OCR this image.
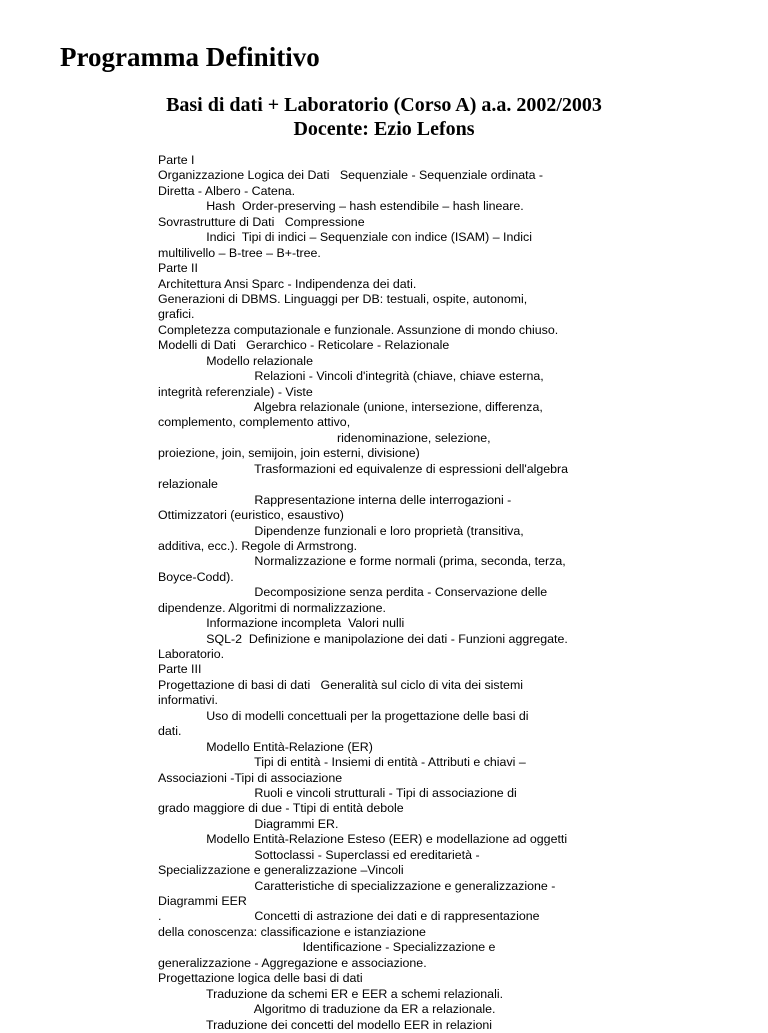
Programma Definitivo
Basi di dati + Laboratorio (Corso A) a.a. 2002/2003
Docente: Ezio Lefons
Parte I
Organizzazione Logica dei Dati   Sequenziale - Sequenziale ordinata -
Diretta - Albero - Catena.
Hash  Order-preserving – hash estendibile – hash lineare.
Sovrastrutture di Dati   Compressione
Indici  Tipi di indici – Sequenziale con indice (ISAM) – Indici
multilivello – B-tree – B+-tree.
Parte II
Architettura Ansi Sparc - Indipendenza dei dati.
Generazioni di DBMS. Linguaggi per DB: testuali, ospite, autonomi,
grafici.
Completezza computazionale e funzionale. Assunzione di mondo chiuso.
Modelli di Dati   Gerarchico - Reticolare - Relazionale
Modello relazionale
Relazioni - Vincoli d'integrità (chiave, chiave esterna,
integrità referenziale) - Viste
Algebra relazionale (unione, intersezione, differenza,
complemento, complemento attivo,
ridenominazione, selezione,
proiezione, join, semijoin, join esterni, divisione)
Trasformazioni ed equivalenze di espressioni dell'algebra
relazionale
Rappresentazione interna delle interrogazioni -
Ottimizzatori (euristico, esaustivo)
Dipendenze funzionali e loro proprietà (transitiva,
additiva, ecc.). Regole di Armstrong.
Normalizzazione e forme normali (prima, seconda, terza,
Boyce-Codd).
Decomposizione senza perdita - Conservazione delle
dipendenze. Algoritmi di normalizzazione.
Informazione incompleta  Valori nulli
SQL-2  Definizione e manipolazione dei dati - Funzioni aggregate.
Laboratorio.
Parte III
Progettazione di basi di dati   Generalità sul ciclo di vita dei sistemi
informativi.
Uso di modelli concettuali per la progettazione delle basi di
dati.
Modello Entità-Relazione (ER)
Tipi di entità - Insiemi di entità - Attributi e chiavi –
Associazioni -Tipi di associazione
Ruoli e vincoli strutturali - Tipi di associazione di
grado maggiore di due - Ttipi di entità debole
Diagrammi ER.
Modello Entità-Relazione Esteso (EER) e modellazione ad oggetti
Sottoclassi - Superclassi ed ereditarietà -
Specializzazione e generalizzazione –Vincoli
Caratteristiche di specializzazione e generalizzazione -
Diagrammi EER
.                           Concetti di astrazione dei dati e di rappresentazione
della conoscenza: classificazione e istanziazione
Identificazione - Specializzazione e
generalizzazione - Aggregazione e associazione.
Progettazione logica delle basi di dati
Traduzione da schemi ER e EER a schemi relazionali.
Algoritmo di traduzione da ER a relazionale.
Traduzione dei concetti del modello EER in relazioni
